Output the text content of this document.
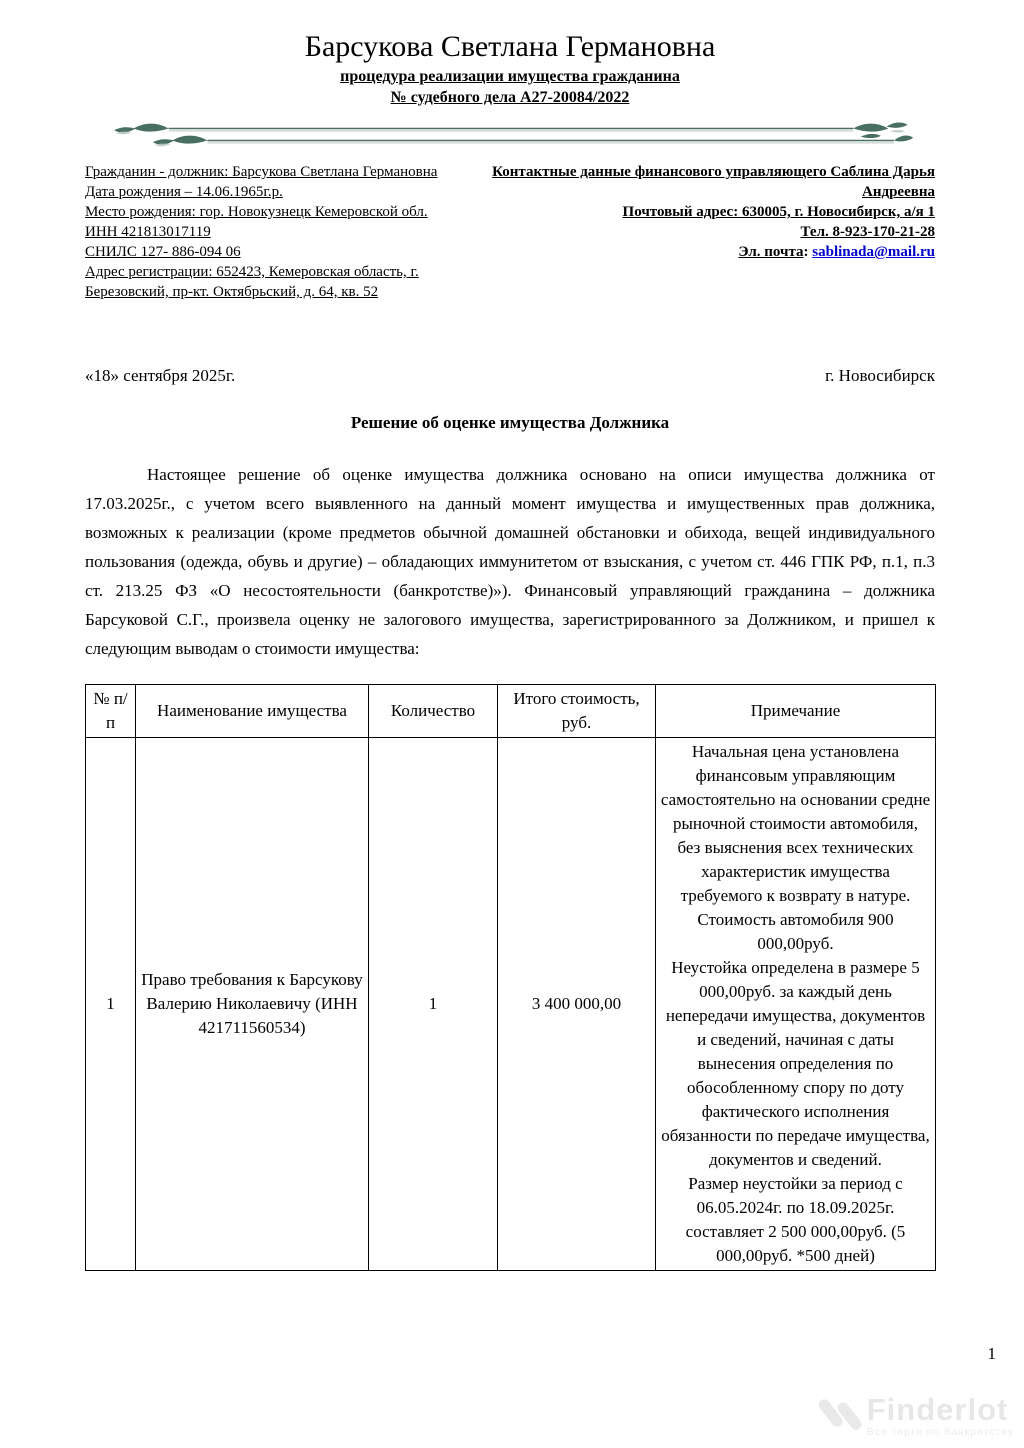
Барсукова Светлана Германовна
процедура реализации имущества гражданина
№ судебного дела А27-20084/2022
Гражданин - должник: Барсукова Светлана Германовна
Дата рождения – 14.06.1965г.р.
Место рождения: гор. Новокузнецк Кемеровской обл.
ИНН 421813017119
СНИЛС 127- 886-094 06
Адрес регистрации: 652423, Кемеровская область, г. Березовский, пр-кт. Октябрьский, д. 64, кв. 52
Контактные данные финансового управляющего Саблина Дарья Андреевна
Почтовый адрес: 630005, г. Новосибирск, а/я 1
Тел. 8-923-170-21-28
Эл. почта: sablinada@mail.ru
«18» сентября 2025г.	г. Новосибирск
Решение об оценке имущества Должника
Настоящее решение об оценке имущества должника основано на описи имущества должника от 17.03.2025г., с учетом всего выявленного на данный момент имущества и имущественных прав должника, возможных к реализации (кроме предметов обычной домашней обстановки и обихода, вещей индивидуального пользования (одежда, обувь и другие) – обладающих иммунитетом от взыскания, с учетом ст. 446 ГПК РФ, п.1, п.3 ст. 213.25 ФЗ «О несостоятельности (банкротстве)»). Финансовый управляющий гражданина – должника Барсуковой С.Г., произвела оценку не залогового имущества, зарегистрированного за Должником, и пришел к следующим выводам о стоимости имущества:
№ п/п	Наименование имущества	Количество	Итого стоимость, руб.	Примечание
1	Право требования к Барсукову Валерию Николаевичу (ИНН 421711560534)	1	3 400 000,00	Начальная цена установлена финансовым управляющим самостоятельно на основании средне рыночной стоимости автомобиля, без выяснения всех технических характеристик имущества требуемого к возврату в натуре.

Стоимость автомобиля 900 000,00руб.

Неустойка определена в размере 5 000,00руб. за каждый день непередачи имущества, документов и сведений, начиная с даты вынесения определения по обособленному спору по доту фактического исполнения обязанности по передаче имущества, документов и сведений.

Размер неустойки за период с 06.05.2024г. по 18.09.2025г. составляет 2 500 000,00руб. (5 000,00руб. *500 дней)

1
Finderlot
Все торги по банкротству
